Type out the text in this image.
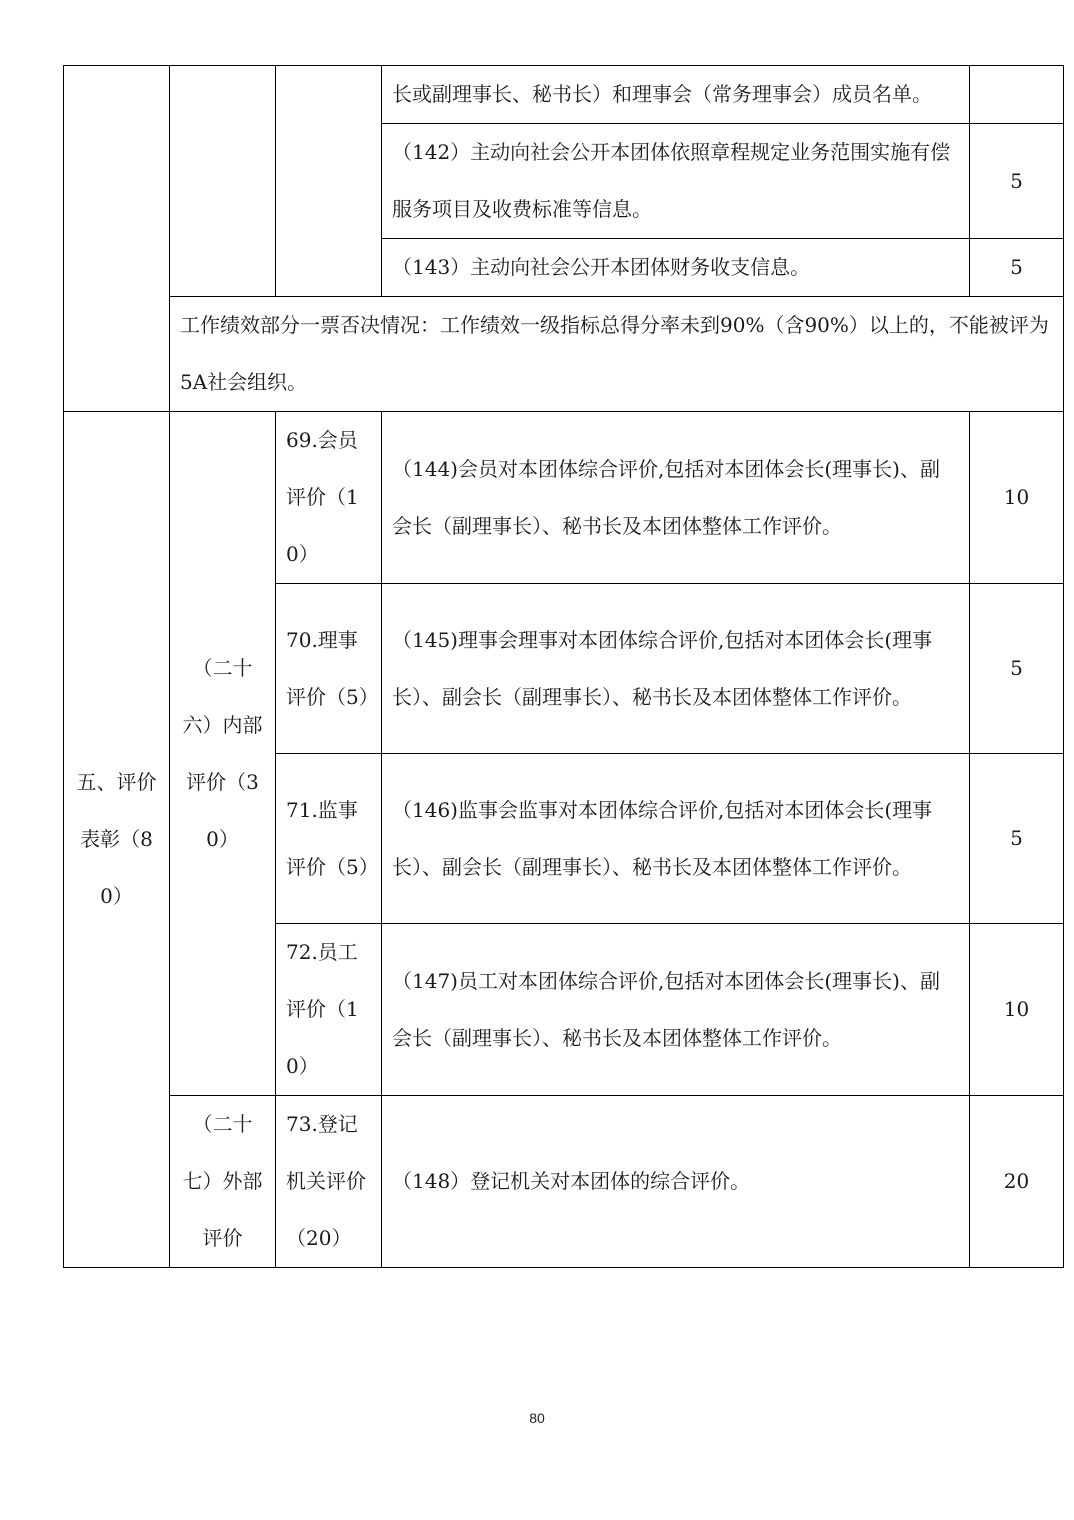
			长或副理事长、秘书长）和理事会（常务理事会）成员名单。	
			（142）主动向社会公开本团体依照章程规定业务范围实施有偿服务项目及收费标准等信息。	5
			（143）主动向社会公开本团体财务收支信息。	5
	工作绩效部分一票否决情况：工作绩效一级指标总得分率未到90%（含90%）以上的，不能被评为5A社会组织。			
五、评价表彰（80）	（二十六）内部评价（30）	69.会员评价（10）	（144)会员对本团体综合评价,包括对本团体会长(理事长)、副会长（副理事长）、秘书长及本团体整体工作评价。	10
		70.理事评价（5）	（145)理事会理事对本团体综合评价,包括对本团体会长(理事长）、副会长（副理事长）、秘书长及本团体整体工作评价。	5
		71.监事评价（5）	（146)监事会监事对本团体综合评价,包括对本团体会长(理事长）、副会长（副理事长）、秘书长及本团体整体工作评价。	5
		72.员工评价（10）	（147)员工对本团体综合评价,包括对本团体会长(理事长)、副会长（副理事长）、秘书长及本团体整体工作评价。	10
	（二十七）外部评价	73.登记机关评价（20）	（148）登记机关对本团体的综合评价。	20
80
